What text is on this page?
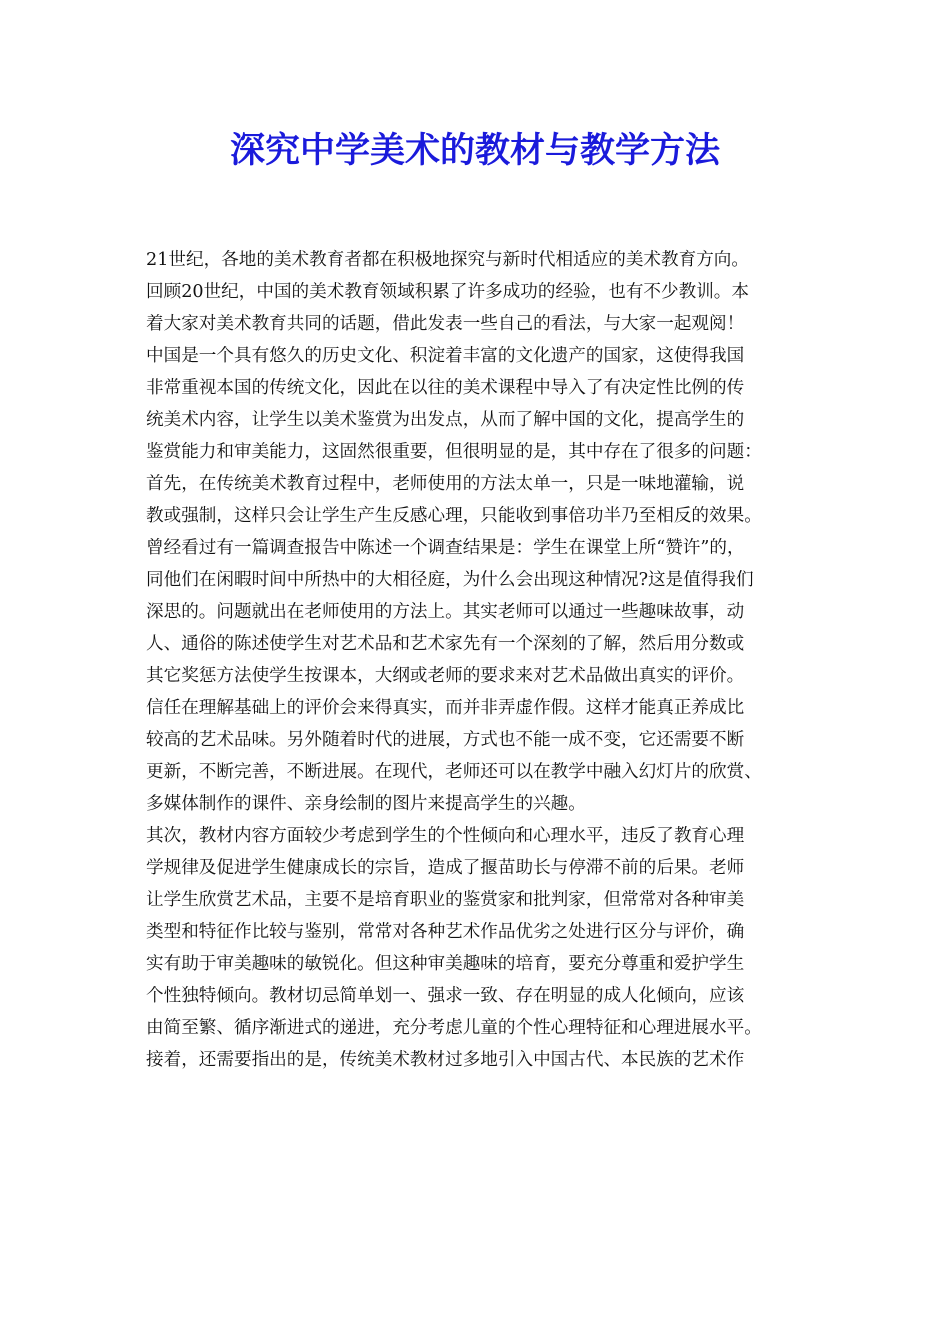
深究中学美术的教材与教学方法
21世纪，各地的美术教育者都在积极地探究与新时代相适应的美术教育方向。
回顾20世纪，中国的美术教育领域积累了许多成功的经验，也有不少教训。本
着大家对美术教育共同的话题，借此发表一些自己的看法，与大家一起观阅！
中国是一个具有悠久的历史文化、积淀着丰富的文化遗产的国家，这使得我国
非常重视本国的传统文化，因此在以往的美术课程中导入了有决定性比例的传
统美术内容，让学生以美术鉴赏为出发点，从而了解中国的文化，提高学生的
鉴赏能力和审美能力，这固然很重要，但很明显的是，其中存在了很多的问题：
首先，在传统美术教育过程中，老师使用的方法太单一，只是一味地灌输，说
教或强制，这样只会让学生产生反感心理，只能收到事倍功半乃至相反的效果。
曾经看过有一篇调查报告中陈述一个调查结果是：学生在课堂上所“赞许”的，
同他们在闲暇时间中所热中的大相径庭，为什么会出现这种情况?这是值得我们
深思的。问题就出在老师使用的方法上。其实老师可以通过一些趣味故事，动
人、通俗的陈述使学生对艺术品和艺术家先有一个深刻的了解，然后用分数或
其它奖惩方法使学生按课本，大纲或老师的要求来对艺术品做出真实的评价。
信任在理解基础上的评价会来得真实，而并非弄虚作假。这样才能真正养成比
较高的艺术品味。另外随着时代的进展，方式也不能一成不变，它还需要不断
更新，不断完善，不断进展。在现代，老师还可以在教学中融入幻灯片的欣赏、
多媒体制作的课件、亲身绘制的图片来提高学生的兴趣。
其次，教材内容方面较少考虑到学生的个性倾向和心理水平，违反了教育心理
学规律及促进学生健康成长的宗旨，造成了揠苗助长与停滞不前的后果。老师
让学生欣赏艺术品，主要不是培育职业的鉴赏家和批判家，但常常对各种审美
类型和特征作比较与鉴别，常常对各种艺术作品优劣之处进行区分与评价，确
实有助于审美趣味的敏锐化。但这种审美趣味的培育，要充分尊重和爱护学生
个性独特倾向。教材切忌简单划一、强求一致、存在明显的成人化倾向，应该
由简至繁、循序渐进式的递进，充分考虑儿童的个性心理特征和心理进展水平。
接着，还需要指出的是，传统美术教材过多地引入中国古代、本民族的艺术作
